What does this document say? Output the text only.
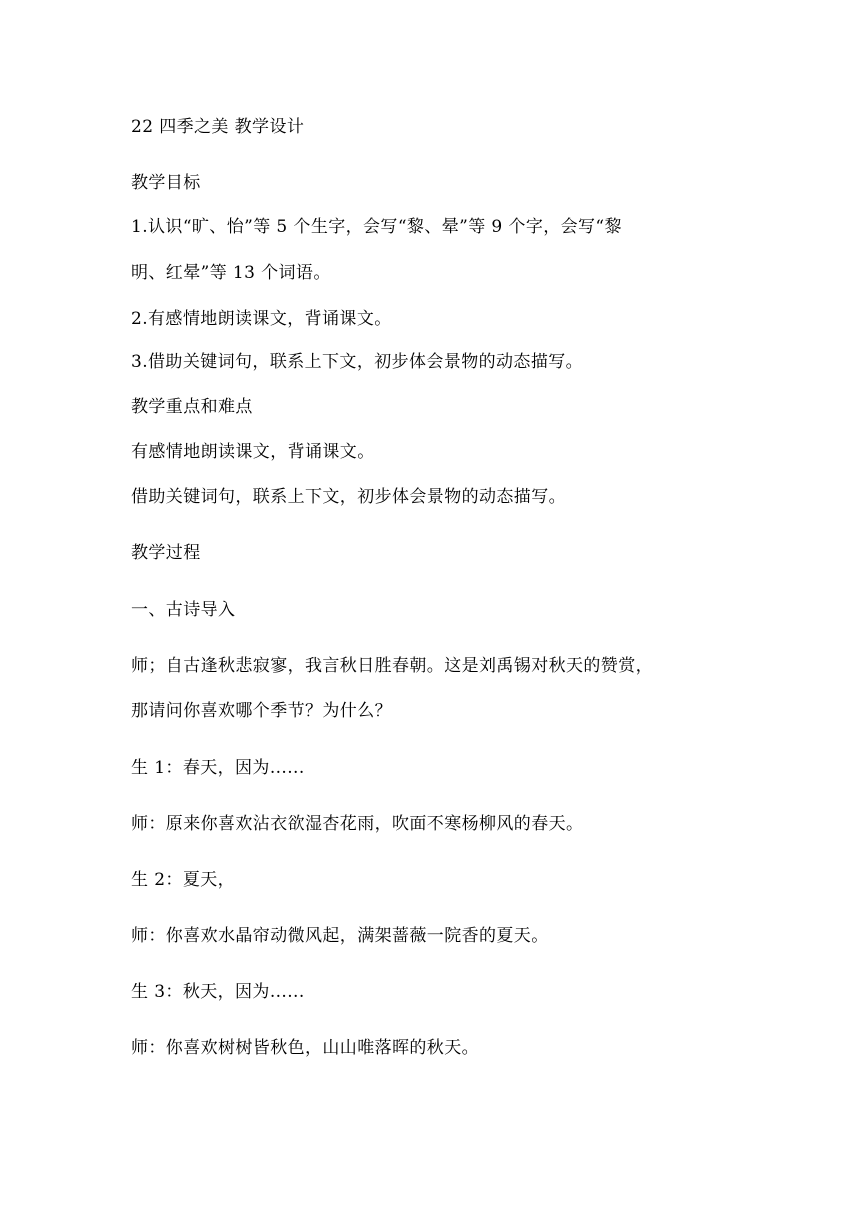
22 四季之美 教学设计
教学目标
1.认识“旷、怡”等 5 个生字，会写“黎、晕”等 9 个字，会写“黎
明、红晕”等 13 个词语。
2.有感情地朗读课文，背诵课文。
3.借助关键词句，联系上下文，初步体会景物的动态描写。
教学重点和难点
有感情地朗读课文，背诵课文。
借助关键词句，联系上下文，初步体会景物的动态描写。
教学过程
一、古诗导入
师；自古逢秋悲寂寥，我言秋日胜春朝。这是刘禹锡对秋天的赞赏，
那请问你喜欢哪个季节？为什么？
生 1：春天，因为......
师：原来你喜欢沾衣欲湿杏花雨，吹面不寒杨柳风的春天。
生 2：夏天，
师：你喜欢水晶帘动微风起，满架蔷薇一院香的夏天。
生 3：秋天，因为......
师：你喜欢树树皆秋色，山山唯落晖的秋天。
